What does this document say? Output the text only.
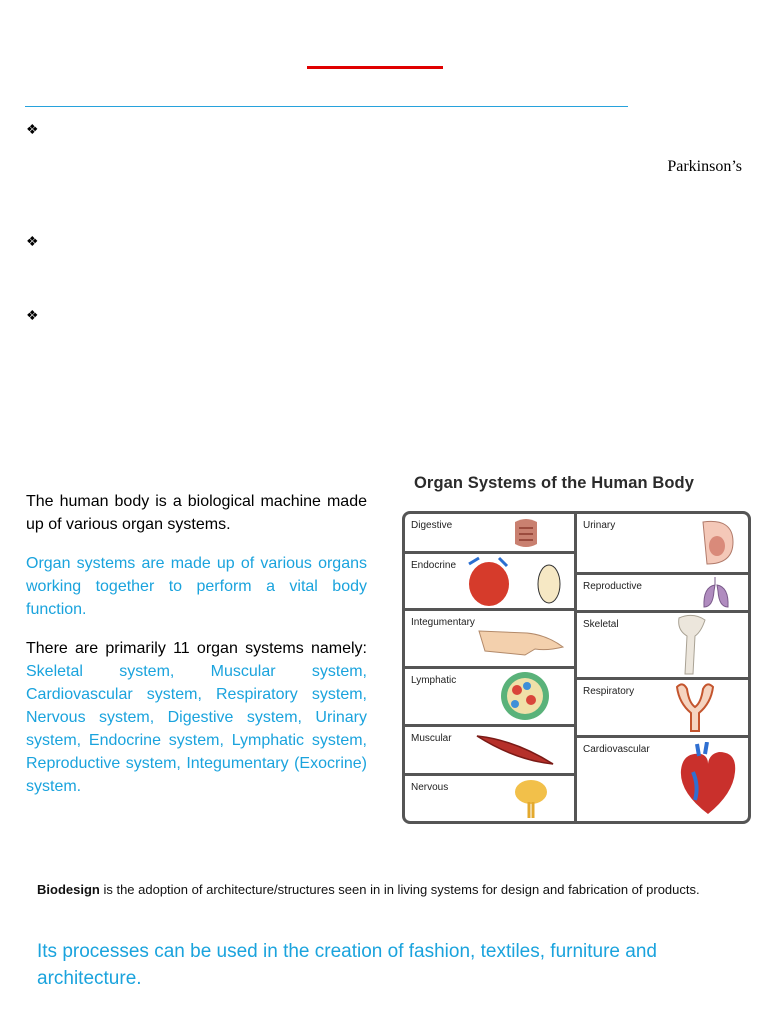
❖
Parkinson’s
❖
❖

The human body is a biological machine made up of various organ systems.

Organ systems are made up of various organs working together to perform a vital body function.

There are primarily 11 organ systems namely: Skeletal system, Muscular system, Cardiovascular system, Respiratory system, Nervous system, Digestive system, Urinary system, Endocrine system, Lymphatic system, Reproductive system, Integumentary (Exocrine) system.

Organ Systems of the Human Body
Digestive
Endocrine
Integumentary
Lymphatic
Muscular
Nervous
Urinary
Reproductive
Skeletal
Respiratory
Cardiovascular
Biodesign is the adoption of architecture/structures seen in in living systems for design and fabrication of products.
Its processes can be used in the creation of fashion, textiles, furniture and architecture.
